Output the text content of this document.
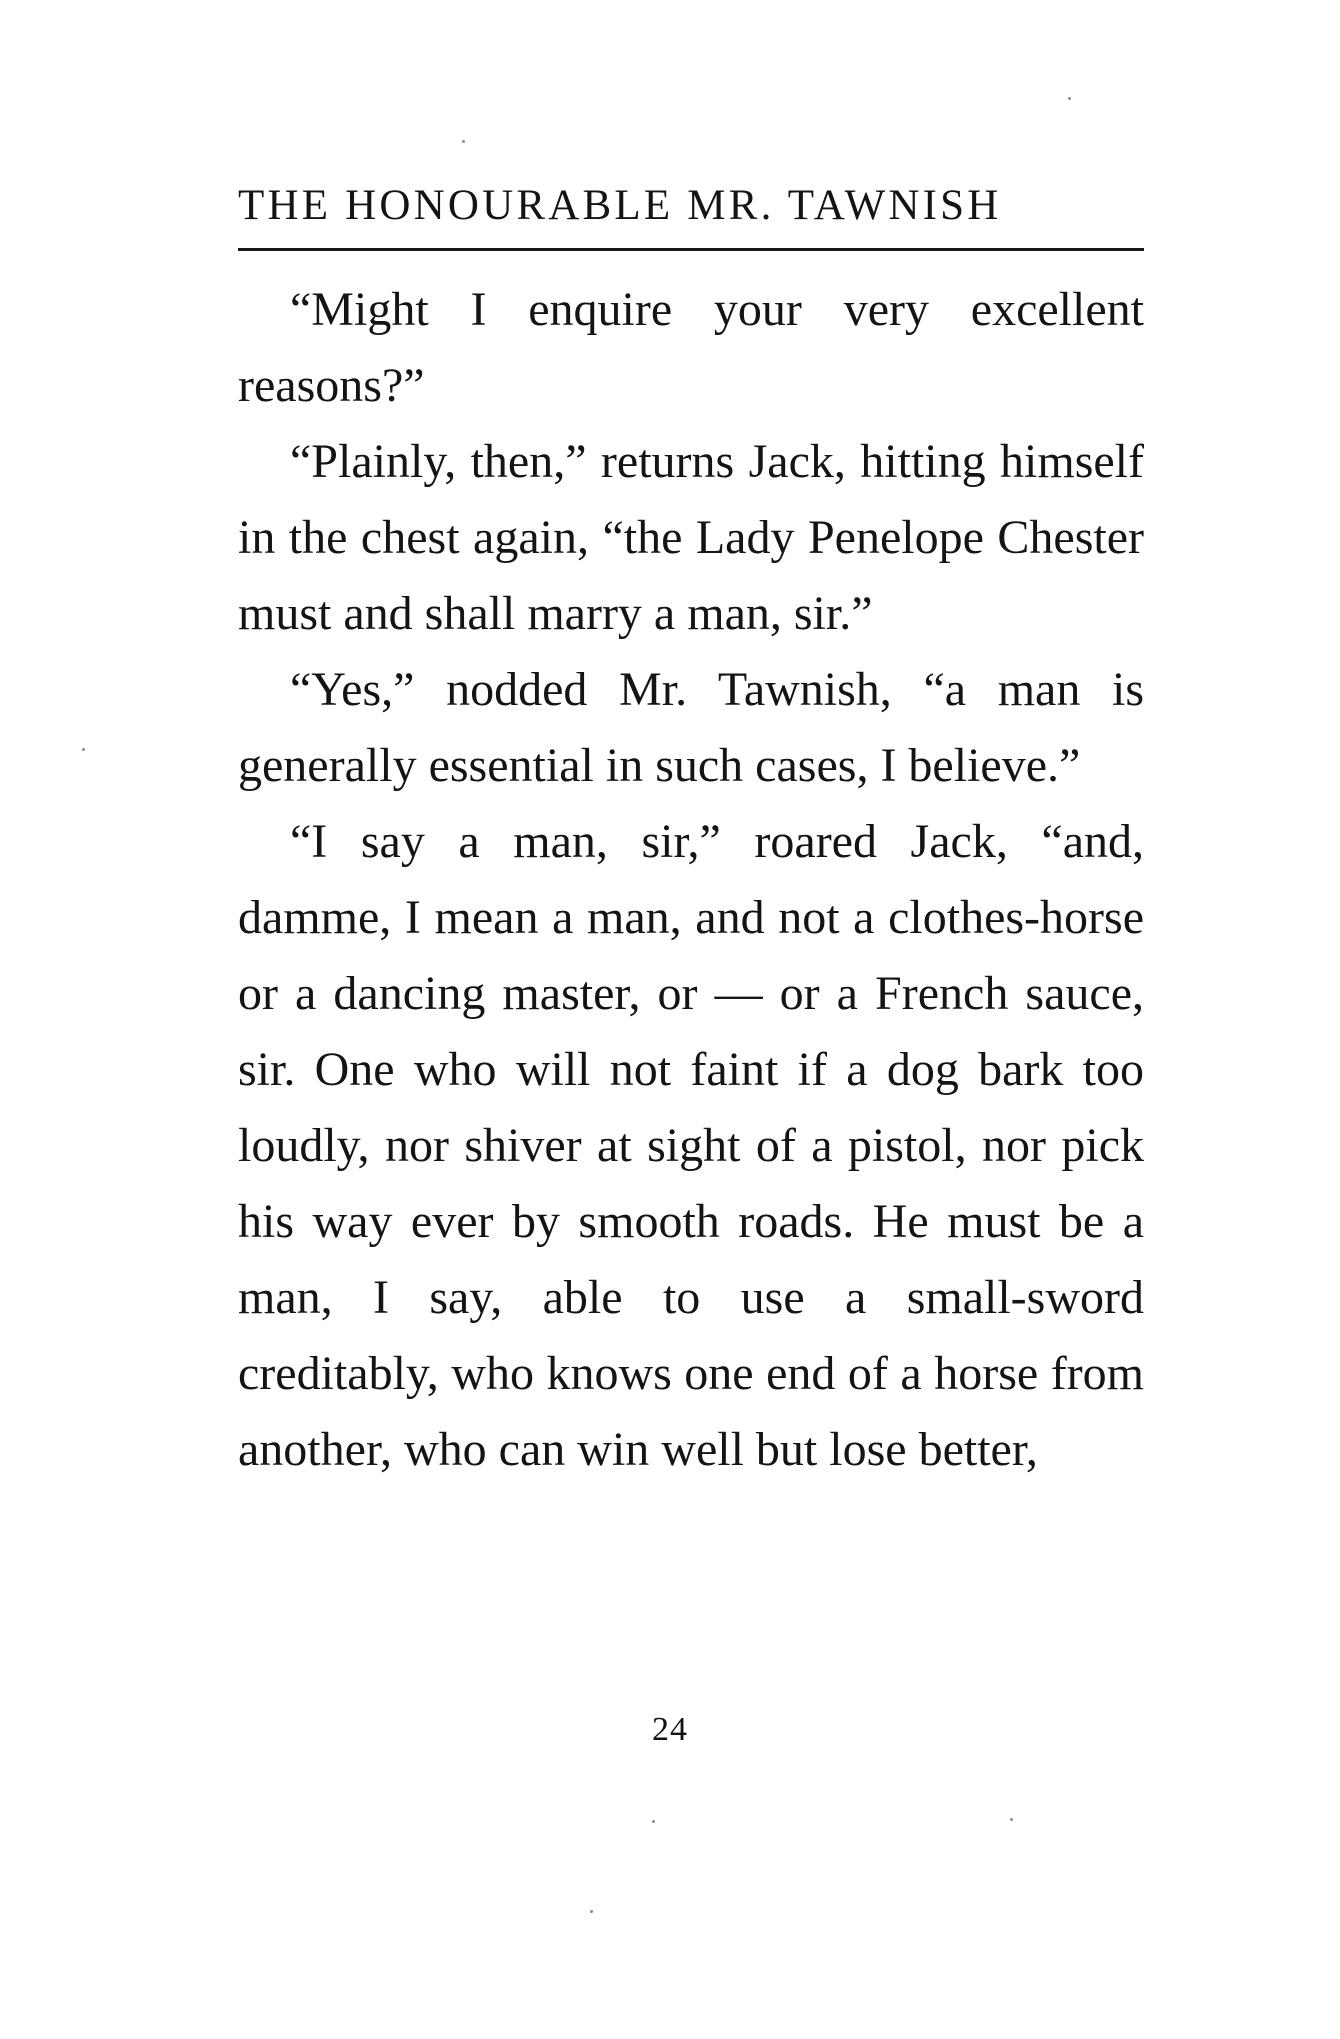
THE HONOURABLE MR. TAWNISH

“Might I enquire your very excellent reasons?”

“Plainly, then,” returns Jack, hitting himself in the chest again, “the Lady Penelope Chester must and shall marry a man, sir.”

“Yes,” nodded Mr. Tawnish, “a man is generally essential in such cases, I believe.”

“I say a man, sir,” roared Jack, “and, damme, I mean a man, and not a clothes-horse or a dancing master, or — or a French sauce, sir. One who will not faint if a dog bark too loudly, nor shiver at sight of a pistol, nor pick his way ever by smooth roads. He must be a man, I say, able to use a small-sword creditably, who knows one end of a horse from another, who can win well but lose better,

24
